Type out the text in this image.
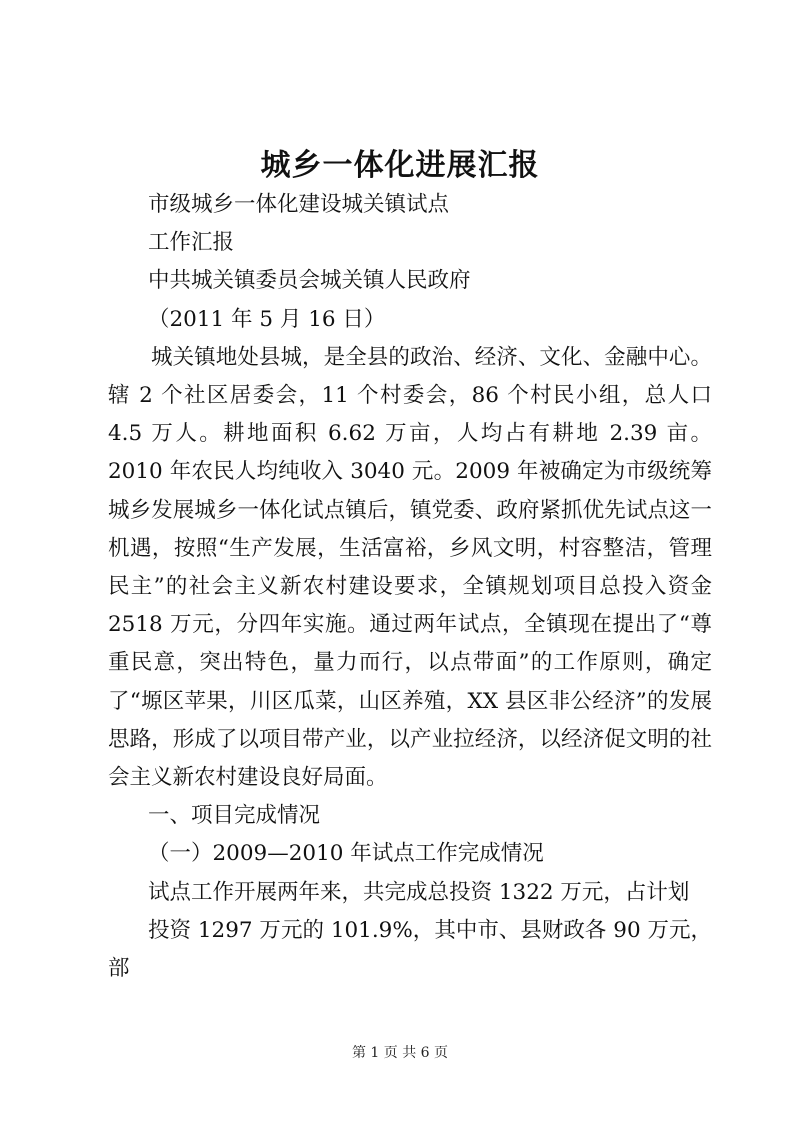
城乡一体化进展汇报

市级城乡一体化建设城关镇试点

工作汇报

中共城关镇委员会城关镇人民政府

（2011 年 5 月 16 日）

城关镇地处县城，是全县的政治、经济、文化、金融中心。辖 2 个社区居委会，11 个村委会，86 个村民小组，总人口 4.5 万人。耕地面积 6.62 万亩，人均占有耕地 2.39 亩。2010 年农民人均纯收入 3040 元。2009 年被确定为市级统筹城乡发展城乡一体化试点镇后，镇党委、政府紧抓优先试点这一机遇，按照“生产发展，生活富裕，乡风文明，村容整洁，管理民主”的社会主义新农村建设要求，全镇规划项目总投入资金 2518 万元，分四年实施。通过两年试点，全镇现在提出了“尊重民意，突出特色，量力而行，以点带面”的工作原则，确定了“塬区苹果，川区瓜菜，山区养殖，XX 县区非公经济”的发展思路，形成了以项目带产业，以产业拉经济，以经济促文明的社会主义新农村建设良好局面。

一、项目完成情况

（一）2009—2010 年试点工作完成情况

试点工作开展两年来，共完成总投资 1322 万元，占计划

投资 1297 万元的 101.9%，其中市、县财政各 90 万元，部

第 1 页 共 6 页
